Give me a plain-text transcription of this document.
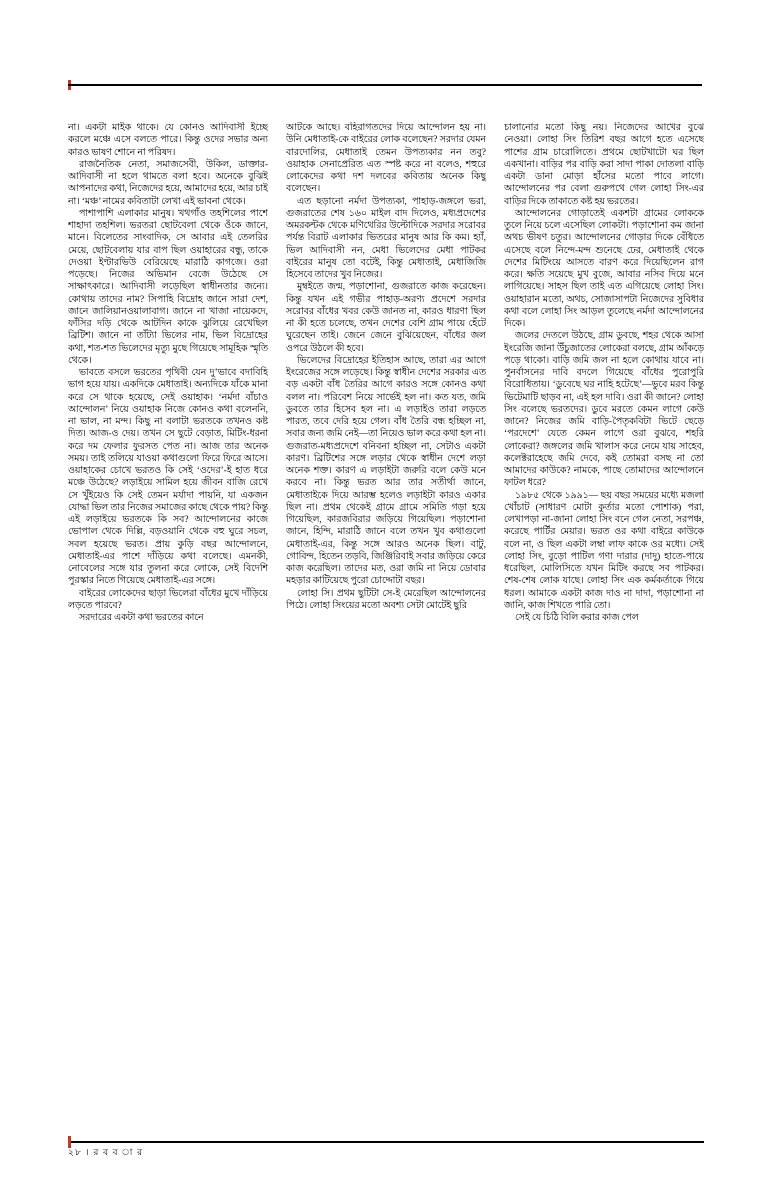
না। একটা মাইক থাকে। যে কোনও আদিবাসী ইচ্ছে করলে মঞ্চে এসে বলতে পারে। কিন্তু ওদের সভার অন্য কারও ভাষণ শোনে না পরিষদ।

রাজনৈতিক নেতা, সমাজসেবী, উকিল, ডাক্তার-আদিবাসী না হলে থামতে বলা হবে। অনেকে বুঝিই আপনাদের কথা, নিজেদের হয়ে, আমাদের হয়ে, আর চাই না। ‘মঞ্চ’ নামের কবিতাটা লেখা এই ভাবনা থেকে।

পাশাপাশি এলাকার মানুষ। খথগাঁও তহশিলের পাশে শাহাদা তহশিল। ভরতরা ছোটবেলা থেকে ওঁকে জানে, মানে। বিলেতের সাংবাদিক, সে আবার এই তেলরির মেয়ে, ছোটবেলায় যার বাপ ছিল ওয়াহারের বন্ধু, তাকে দেওয়া ইণ্টারভিউ বেরিয়েছে মারাঠি কাগজে। ওরা পড়েছে। নিজের অভিমান বেজে উঠেছে সে সাক্ষাৎকারে। আদিবাসী লড়েছিল স্বাধীনতার জন্যে। কোথায় তাদের নাম? সিপাহি বিদ্রোহ জানে সারা দেশ, জানে জালিয়ানওয়ালাবাগ। জানে না খাজা নায়েকদে, ফাঁসির দড়ি থেকে আটদিন কাকে ঝুলিয়ে রেখেছিল ব্রিটিশ। জানে না তাঁট্যা ভিলের নাম, ভিল বিদ্রোহের কথা, শত-শত ভিলেদের মৃত্যু মুছে গিয়েছে সামূহিক স্মৃতি থেকে।

ভাবতে বসলে ভরতের পৃথিবী যেন দু’ভাবে বদাবিহি ভাগ হয়ে যায়। একদিকে মেধাতাই। অন্যদিকে যাঁকে মানা করে সে থাকে হয়েছে, সেই ওয়াহাক। ‘নর্মদা বাঁচাও আন্দোলন’ নিয়ে ওয়াহাক নিজে কোনও কথা বলেননি, না ভাল, না মন্দ। কিছু না বলাটা ভরতকে তখনও কষ্ট দিত। আজ-ও দেয়। তখন সে ছুটে বেড়াত, মিটিং-ধরনা করে দম ফেলার ফুরসত পেত না। আজ তার অনেক সময়। তাই তলিয়ে যাওয়া কথাগুলো ফিরে ফিরে আসে। ওয়াহাকের চোখে ভরতও কি সেই ‘ওদের’-ই হাত ধরে মঞ্চে উঠেছে? লড়াইয়ে সামিল হয়ে জীবন বাজি রেখে সে খুঁইয়েও কি সেই তেমন মর্যাদা পায়নি, যা একজন যোদ্ধা ভিল তার নিজের সমাজের কাছে থেকে পায়? কিন্তু এই লড়াইয়ে ভরতকে কি সব? আন্দোলনের কাজে ভোপাল থেকে দিল্লি, বড়ওয়ানি থেকে বহু ঘুরে সচল, সবল হয়েছে ভরত। প্রায় কুড়ি বছর আন্দোলনে, মেধাতাই-এর পাশে দাঁড়িয়ে কথা বলেছে। এমনকী, নোবেলের সঙ্গে যার তুলনা করে লোকে, সেই বিদেশি পুরস্কার নিতে গিয়েছে মেধাতাই-এর সঙ্গে।

বাইরের লোকেদের ছাড়া ভিলেরা বাঁধের মুখে দাঁড়িয়ে লড়তে পারবে?

সরদারের একটা কথা ভরতের কানে

আটকে আছে। বহিরাগতদের দিয়ে আন্দোলন হয় না। উনি মেধাতাই-কে বাইরের লোক বলেছেন? সরদার যেমন বারদোলির, মেধাতাই তেমন উপত্যকার নন তবু? ওয়াহাক সেনাপ্রেরিত এত স্পষ্ট করে না বলেও, শহুরে লোকেদের কথা দশ দলবের কবিতায় অনেক কিছু বলেছেন।

এত ছড়ানো নর্মদা উপত্যকা, পাহাড়-জঙ্গলে ভরা, গুজরাতের শেষ ১৬০ মাইল বাদ দিলেও, মধ্যপ্রদেশের অমরকন্টক থেকে মণিথেরির উল্টোদিকে সরদার সরোবর পর্যন্ত বিরাট এলাকার ভিতরের মানুষ আর কি কম। হ্যাঁ, ভিল আদিবাসী নন, মেধা ভিলেদের মেধা পাটকর বাইরের মানুষ তো বটেই, কিন্তু মেধাতাই, মেধাজিজি হিসেবে তাদের খুব নিজের।

মুম্বইতে জন্ম, পড়াশোনা, গুজরাতে কাজ করেছেন। কিন্তু যখন এই গভীর পাহাড়-অরণ্য প্রদেশে সরদার সরোবর বাঁধের খবর কেউ জানত না, কারও ধারণা ছিল না কী হতে চলেছে, তখন দেশের বেশি গ্রাম পায়ে হেঁটে ঘুরেছেন তাই। জেনে জেনে বুঝিয়েছেন, বাঁধের জল ওপরে উঠলে কী হবে।

ভিলেদের বিদ্রোহের ইতিহাস আছে, তারা এর আগে ইংরেজের সঙ্গে লড়েছে। কিন্তু স্বাধীন দেশের সরকার এত বড় একটা বাঁধ তৈরির আগে কারও সঙ্গে কোনও কথা বলল না। পরিবেশ নিয়ে সার্ভেই হল না। কত যত, জমি ডুবতে তার হিসেব হল না। এ লড়াইও তারা লড়তে পারত, তবে দেরি হয়ে গেল। বাঁধ তৈরি বন্ধ হচ্ছিল না, সবার জন্য জমি নেই—তা নিয়েও ভাল করে কথা হল না। গুজরাত-মধ্যপ্রদেশে বনিবনা হচ্ছিল না, সেটাও একটা কারণ। ব্রিটিশের সঙ্গে লড়ার থেকে স্বাধীন দেশে লড়া অনেক শক্ত। কারণ এ লড়াইটা জরুরি বলে কেউ মনে করবে না। কিন্তু ভরত আর তার সতীর্থা জানে, মেধাতাইকে দিয়ে আরম্ভ হলেও লড়াইটা কারও একার ছিল না। প্রথম থেকেই গ্রামে গ্রামে সমিতি গড়া হয়ে গিয়েছিল, কারজবিরার জড়িয়ে গিয়েছিল। পড়াশোনা জানে, হিন্দি, মারাঠি জানে বলে তখন খুব কথাগুলো মেধাতাই-এর, কিন্তু সঙ্গে আরও অনেক ছিল। বাটু, গোবিন্দ, হিতেন তড়বি, জিঞ্জিরিবাই সবার জড়িয়ে কেরে কাজ করেছিল। তাদের মত, ওরা জমি না নিয়ে ডোবার মহড়ার কাটিয়েছে পুরো চোদ্দোটা বছর।

লোহা সি। প্রথম ছুটিটা সে-ই মেরেছিল আন্দোলনের পিঠে। লোহা সিংয়ের মতো অবশ্য সেটা মোটেই ছুরি

চালানোর মতো কিছু নয়। নিজেদের আখের বুঝে নেওয়া। লোহা সিং তিরিশ বছর আগে হতে এসেছে পাশের গ্রাম চারোলিতে। প্রথমে ছোটখাটো ঘর ছিল একখানা। বাড়ির পর বাড়ি করা সাদা পাকা দোতলা বাড়ি একটা ডানা মোড়া হাঁসের মতো পাবে লাগে। আন্দোলনের পর বেলা গুরুপথে গেল লোহা সিং-এর বাড়ির দিকে তাকাতে কষ্ট হয় ভরতের।

আন্দোলনের গোড়াতেই একশটা গ্রামের লোককে তুলে নিয়ে চলে এসেছিল লোকটা। পড়াশোনা কম জানা অথচ ভীষণ চতুর। আন্দোলনের গোড়ার দিকে বেঁধিতে এসেছে বলে নিন্দে-মন্দ শুনেছে ঢের, মেধাতাই থেকে দেশের মিটিংয়ে আসতে বারণ করে দিয়েছিলেন রাগ করে। ক্ষতি সয়েছে মুখ বুজে, আবার নসিব দিয়ে মনে লাগিয়েছে। সাহস ছিল তাই এত এগিয়েছে লোহা সিং। ওয়াহারান মতো, অথচ, সোজাসাপটা নিজেদের সুবিধার কথা বলে লোহা সিং আড়ল তুলেছে নর্মদা আন্দোলনের দিকে।

জলের দেতলে উঠছে, গ্রাম ডুবছে, শহর থেকে আসা ইংরেজি জানা উঁচুজাতের লোকেরা বলছে, গ্রাম আঁকড়ে পড়ে থাকো। বাড়ি জমি জল না হলে কোথায় যাবে না। পুনর্বাসনের দাবি বদলে গিয়েছে বাঁধের পুরোপুরি বিরোধিতায়। ‘ডুবেছে ঘর নাহি হটেছে’—ভুবে মরব কিন্তু ভিটেমাটি ছাড়ব না, এই হল দাবি। ওরা কী জানে? লোহা সিং বলেছে ভরতদের। ডুবে মরতে কেমন লাগে কেউ জানে? নিজের জমি বাড়ি-পৈতৃকবিটা ভিটে ছেড়ে ‘পরদেশে’ যেতে কেমন লাগে ওরা বুঝবে, শহরি লোকেরা? জঙ্গলের জমি খালাস করে নেমে যায় সাহেব, কলেক্টরাহেছে জমি দেবে, কই তোমরা বসছ না তো আমাদের কাউকে? নামকে, পাছে তোমাদের আন্দোলনে ফাটল ধরে?

১৯৮৫ থেকে ১৯৯১— ছয় বছর সময়ের মধ্যে মজলা খোঁচাট (সাধারণ মোটা কুর্তার মতো পোশাক) পরা, লেখাপড়া না-জানা লোহা সিং বনে গেল নেতা, সরপঞ্চ, করেছে পার্টির মেয়ার। ভরত ওর কথা বাইরে কাউকে বলে না, ও ছিল একটা লম্বা লাফ কাকে ওর মধ্যে। সেই লোহা সিং, বুড়ো পাটিল গণা দারার (দাদু) হাতে-পায়ে ধরেছিল, মোলিসিতে যখন মিটিং করছে সব পাটকর। শেষ-শেষ লোক যাছে। লোহা সিং এক কর্মকর্তাকে গিয়ে ধরল। আমাকে একটা কাজ দাও না দাদা, পড়াশোনা না জানি, কাজ শিখতে পারি তো।

সেই যে চিঠি বিলি করার কাজ পেল

২৮ । র ব ব া র
